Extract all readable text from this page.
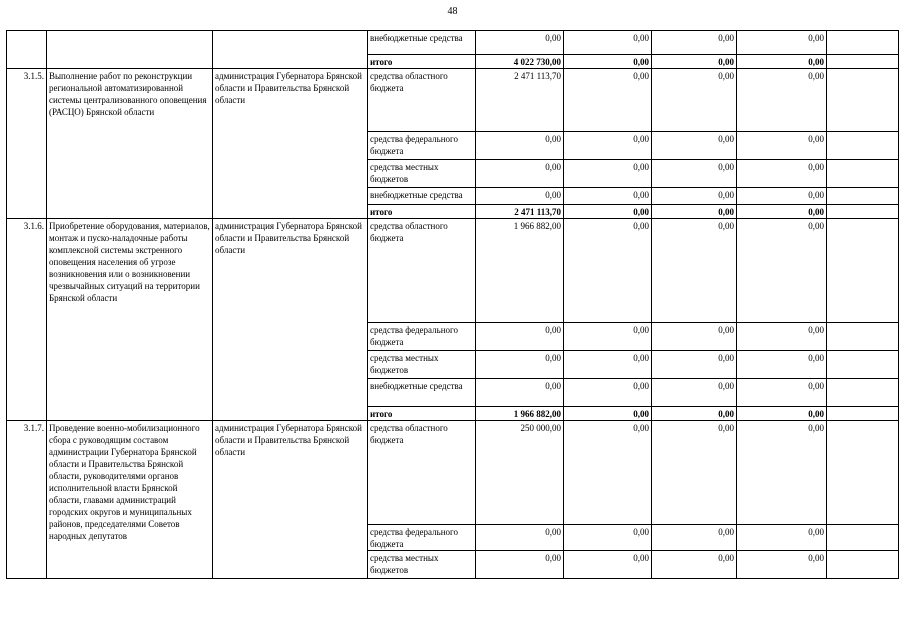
48
			внебюджетные средства	0,00	0,00	0,00	0,00	
			итого	4 022 730,00	0,00	0,00	0,00	
3.1.5.	Выполнение работ по реконструкции региональной автоматизированной системы централизованного оповещения (РАСЦО) Брянской области	администрация Губернатора Брянской области и Правительства Брянской области	средства областного бюджета	2 471 113,70	0,00	0,00	0,00	
			средства федерального бюджета	0,00	0,00	0,00	0,00	
			средства местных бюджетов	0,00	0,00	0,00	0,00	
			внебюджетные средства	0,00	0,00	0,00	0,00	
			итого	2 471 113,70	0,00	0,00	0,00	
3.1.6.	Приобретение оборудования, материалов, монтаж и пуско-наладочные работы комплексной системы экстренного оповещения населения об угрозе возникновения или о возникновении чрезвычайных ситуаций на территории Брянской области	администрация Губернатора Брянской области и Правительства Брянской области	средства областного бюджета	1 966 882,00	0,00	0,00	0,00	
			средства федерального бюджета	0,00	0,00	0,00	0,00	
			средства местных бюджетов	0,00	0,00	0,00	0,00	
			внебюджетные средства	0,00	0,00	0,00	0,00	
			итого	1 966 882,00	0,00	0,00	0,00	
3.1.7.	Проведение военно-мобилизационного сбора с руководящим составом администрации Губернатора Брянской области и Правительства Брянской области, руководителями органов исполнительной власти Брянской области, главами администраций городских округов и муниципальных районов, председателями Советов народных депутатов	администрация Губернатора Брянской области и Правительства Брянской области	средства областного бюджета	250 000,00	0,00	0,00	0,00	
			средства федерального бюджета	0,00	0,00	0,00	0,00	
			средства местных бюджетов	0,00	0,00	0,00	0,00	
